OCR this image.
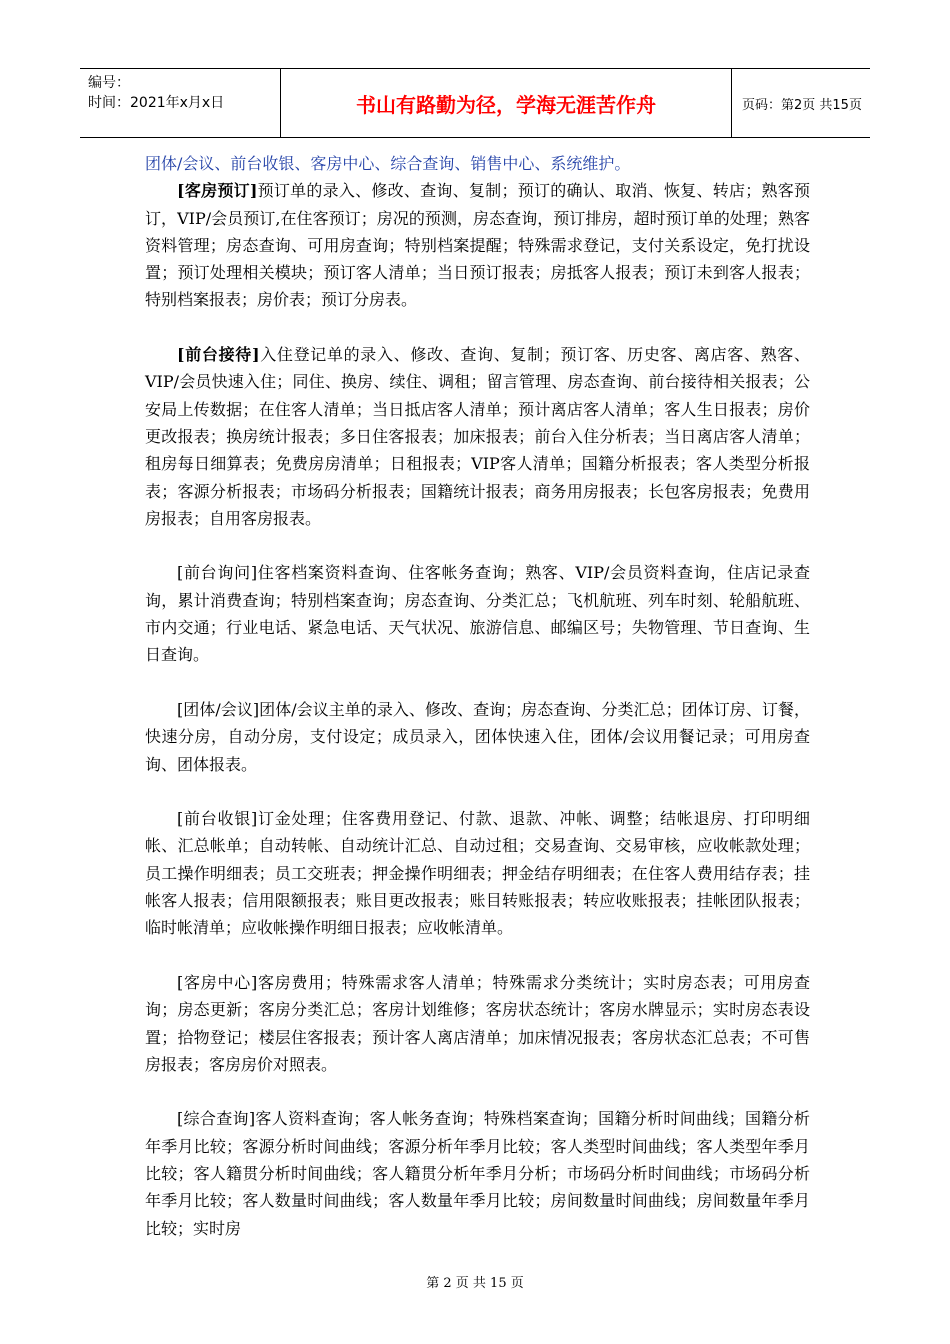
编号：
时间：2021年x月x日	书山有路勤为径，学海无涯苦作舟	页码：第2页 共15页

团体/会议、前台收银、客房中心、综合查询、销售中心、系统维护。

[客房预订]预订单的录入、修改、查询、复制；预订的确认、取消、恢复、转店；熟客预订，VIP/会员预订,在住客预订；房况的预测，房态查询，预订排房，超时预订单的处理；熟客资料管理；房态查询、可用房查询；特别档案提醒；特殊需求登记，支付关系设定，免打扰设置；预订处理相关模块；预订客人清单；当日预订报表；房抵客人报表；预订未到客人报表；特别档案报表；房价表；预订分房表。

[前台接待]入住登记单的录入、修改、查询、复制；预订客、历史客、离店客、熟客、VIP/会员快速入住；同住、换房、续住、调租；留言管理、房态查询、前台接待相关报表；公安局上传数据；在住客人清单；当日抵店客人清单；预计离店客人清单；客人生日报表；房价更改报表；换房统计报表；多日住客报表；加床报表；前台入住分析表；当日离店客人清单；租房每日细算表；免费房房清单；日租报表；VIP客人清单；国籍分析报表；客人类型分析报表；客源分析报表；市场码分析报表；国籍统计报表；商务用房报表；长包客房报表；免费用房报表；自用客房报表。

[前台询问]住客档案资料查询、住客帐务查询；熟客、VIP/会员资料查询，住店记录查询，累计消费查询；特别档案查询；房态查询、分类汇总；飞机航班、列车时刻、轮船航班、市内交通；行业电话、紧急电话、天气状况、旅游信息、邮编区号；失物管理、节日查询、生日查询。

[团体/会议]团体/会议主单的录入、修改、查询；房态查询、分类汇总；团体订房、订餐，快速分房，自动分房，支付设定；成员录入，团体快速入住，团体/会议用餐记录；可用房查询、团体报表。

[前台收银]订金处理；住客费用登记、付款、退款、冲帐、调整；结帐退房、打印明细帐、汇总帐单；自动转帐、自动统计汇总、自动过租；交易查询、交易审核，应收帐款处理；员工操作明细表；员工交班表；押金操作明细表；押金结存明细表；在住客人费用结存表；挂帐客人报表；信用限额报表；账目更改报表；账目转账报表；转应收账报表；挂帐团队报表；临时帐清单；应收帐操作明细日报表；应收帐清单。

[客房中心]客房费用；特殊需求客人清单；特殊需求分类统计；实时房态表；可用房查询；房态更新；客房分类汇总；客房计划维修；客房状态统计；客房水牌显示；实时房态表设置；拾物登记；楼层住客报表；预计客人离店清单；加床情况报表；客房状态汇总表；不可售房报表；客房房价对照表。

[综合查询]客人资料查询；客人帐务查询；特殊档案查询；国籍分析时间曲线；国籍分析年季月比较；客源分析时间曲线；客源分析年季月比较；客人类型时间曲线；客人类型年季月比较；客人籍贯分析时间曲线；客人籍贯分析年季月分析；市场码分析时间曲线；市场码分析年季月比较；客人数量时间曲线；客人数量年季月比较；房间数量时间曲线；房间数量年季月比较；实时房

第 2 页 共 15 页
